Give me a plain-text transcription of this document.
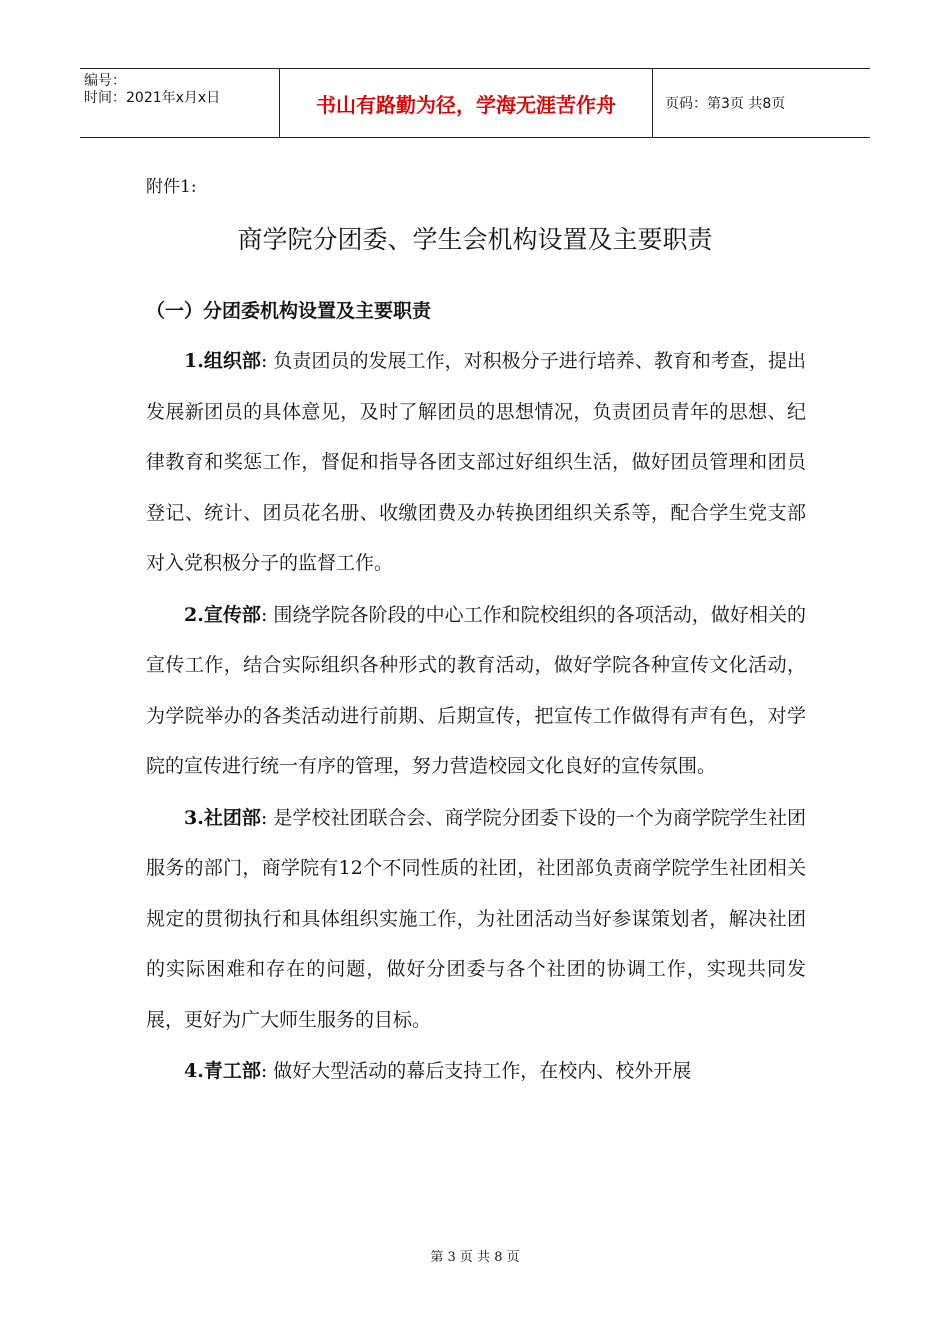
编号：
时间：2021年x月x日	书山有路勤为径，学海无涯苦作舟	页码：第3页 共8页
附件1:
商学院分团委、学生会机构设置及主要职责
（一）分团委机构设置及主要职责

1.组织部: 负责团员的发展工作，对积极分子进行培养、教育和考查，提出发展新团员的具体意见，及时了解团员的思想情况，负责团员青年的思想、纪律教育和奖惩工作，督促和指导各团支部过好组织生活，做好团员管理和团员登记、统计、团员花名册、收缴团费及办转换团组织关系等，配合学生党支部对入党积极分子的监督工作。

2.宣传部: 围绕学院各阶段的中心工作和院校组织的各项活动，做好相关的宣传工作，结合实际组织各种形式的教育活动，做好学院各种宣传文化活动，为学院举办的各类活动进行前期、后期宣传，把宣传工作做得有声有色，对学院的宣传进行统一有序的管理，努力营造校园文化良好的宣传氛围。

3.社团部: 是学校社团联合会、商学院分团委下设的一个为商学院学生社团服务的部门，商学院有12个不同性质的社团，社团部负责商学院学生社团相关规定的贯彻执行和具体组织实施工作，为社团活动当好参谋策划者，解决社团的实际困难和存在的问题，做好分团委与各个社团的协调工作，实现共同发展，更好为广大师生服务的目标。

4.青工部: 做好大型活动的幕后支持工作，在校内、校外开展

第 3 页 共 8 页
